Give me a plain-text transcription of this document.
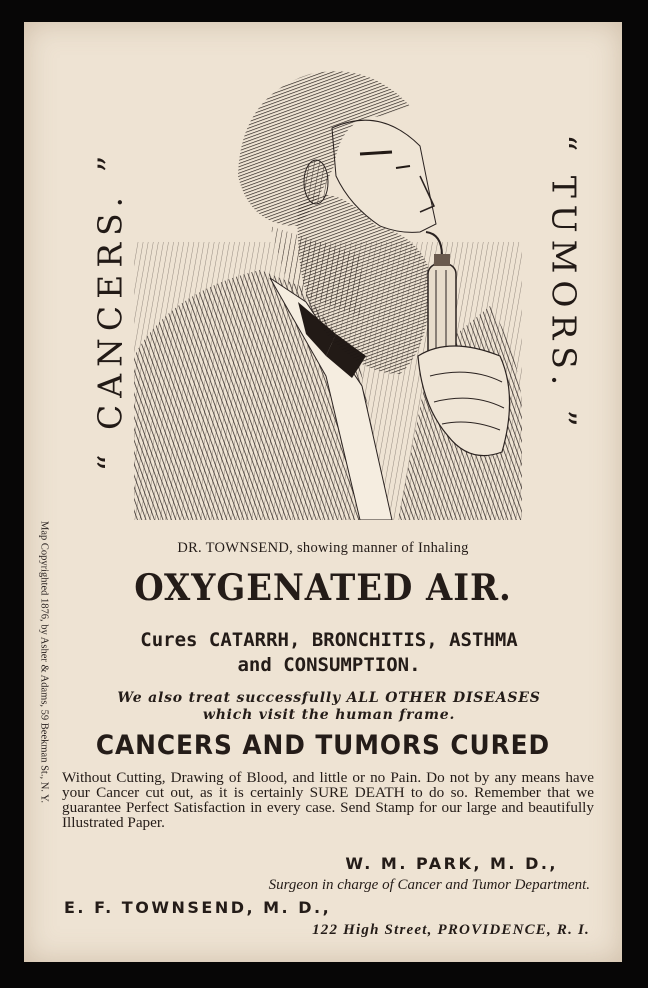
“ CANCERS. ”	“ TUMORS. ”
Map Copyrighted 1876, by Asher & Adams, 59 Beekman St., N. Y.	DR. TOWNSEND, showing manner of Inhaling
OXYGENATED AIR.
Cures CATARRH, BRONCHITIS, ASTHMA
and CONSUMPTION.
We also treat successfully ALL OTHER DISEASES
which visit the human frame.
CANCERS AND TUMORS CURED
Without Cutting, Drawing of Blood, and little or no Pain. Do not by any means have your Cancer cut out, as it is certainly SURE DEATH to do so. Remember that we guarantee Perfect Satisfaction in every case. Send Stamp for our large and beautifully Illustrated Paper.
W. M. PARK, M. D.,
Surgeon in charge of Cancer and Tumor Department.
E. F. TOWNSEND, M. D.,
122 High Street, PROVIDENCE, R. I.
